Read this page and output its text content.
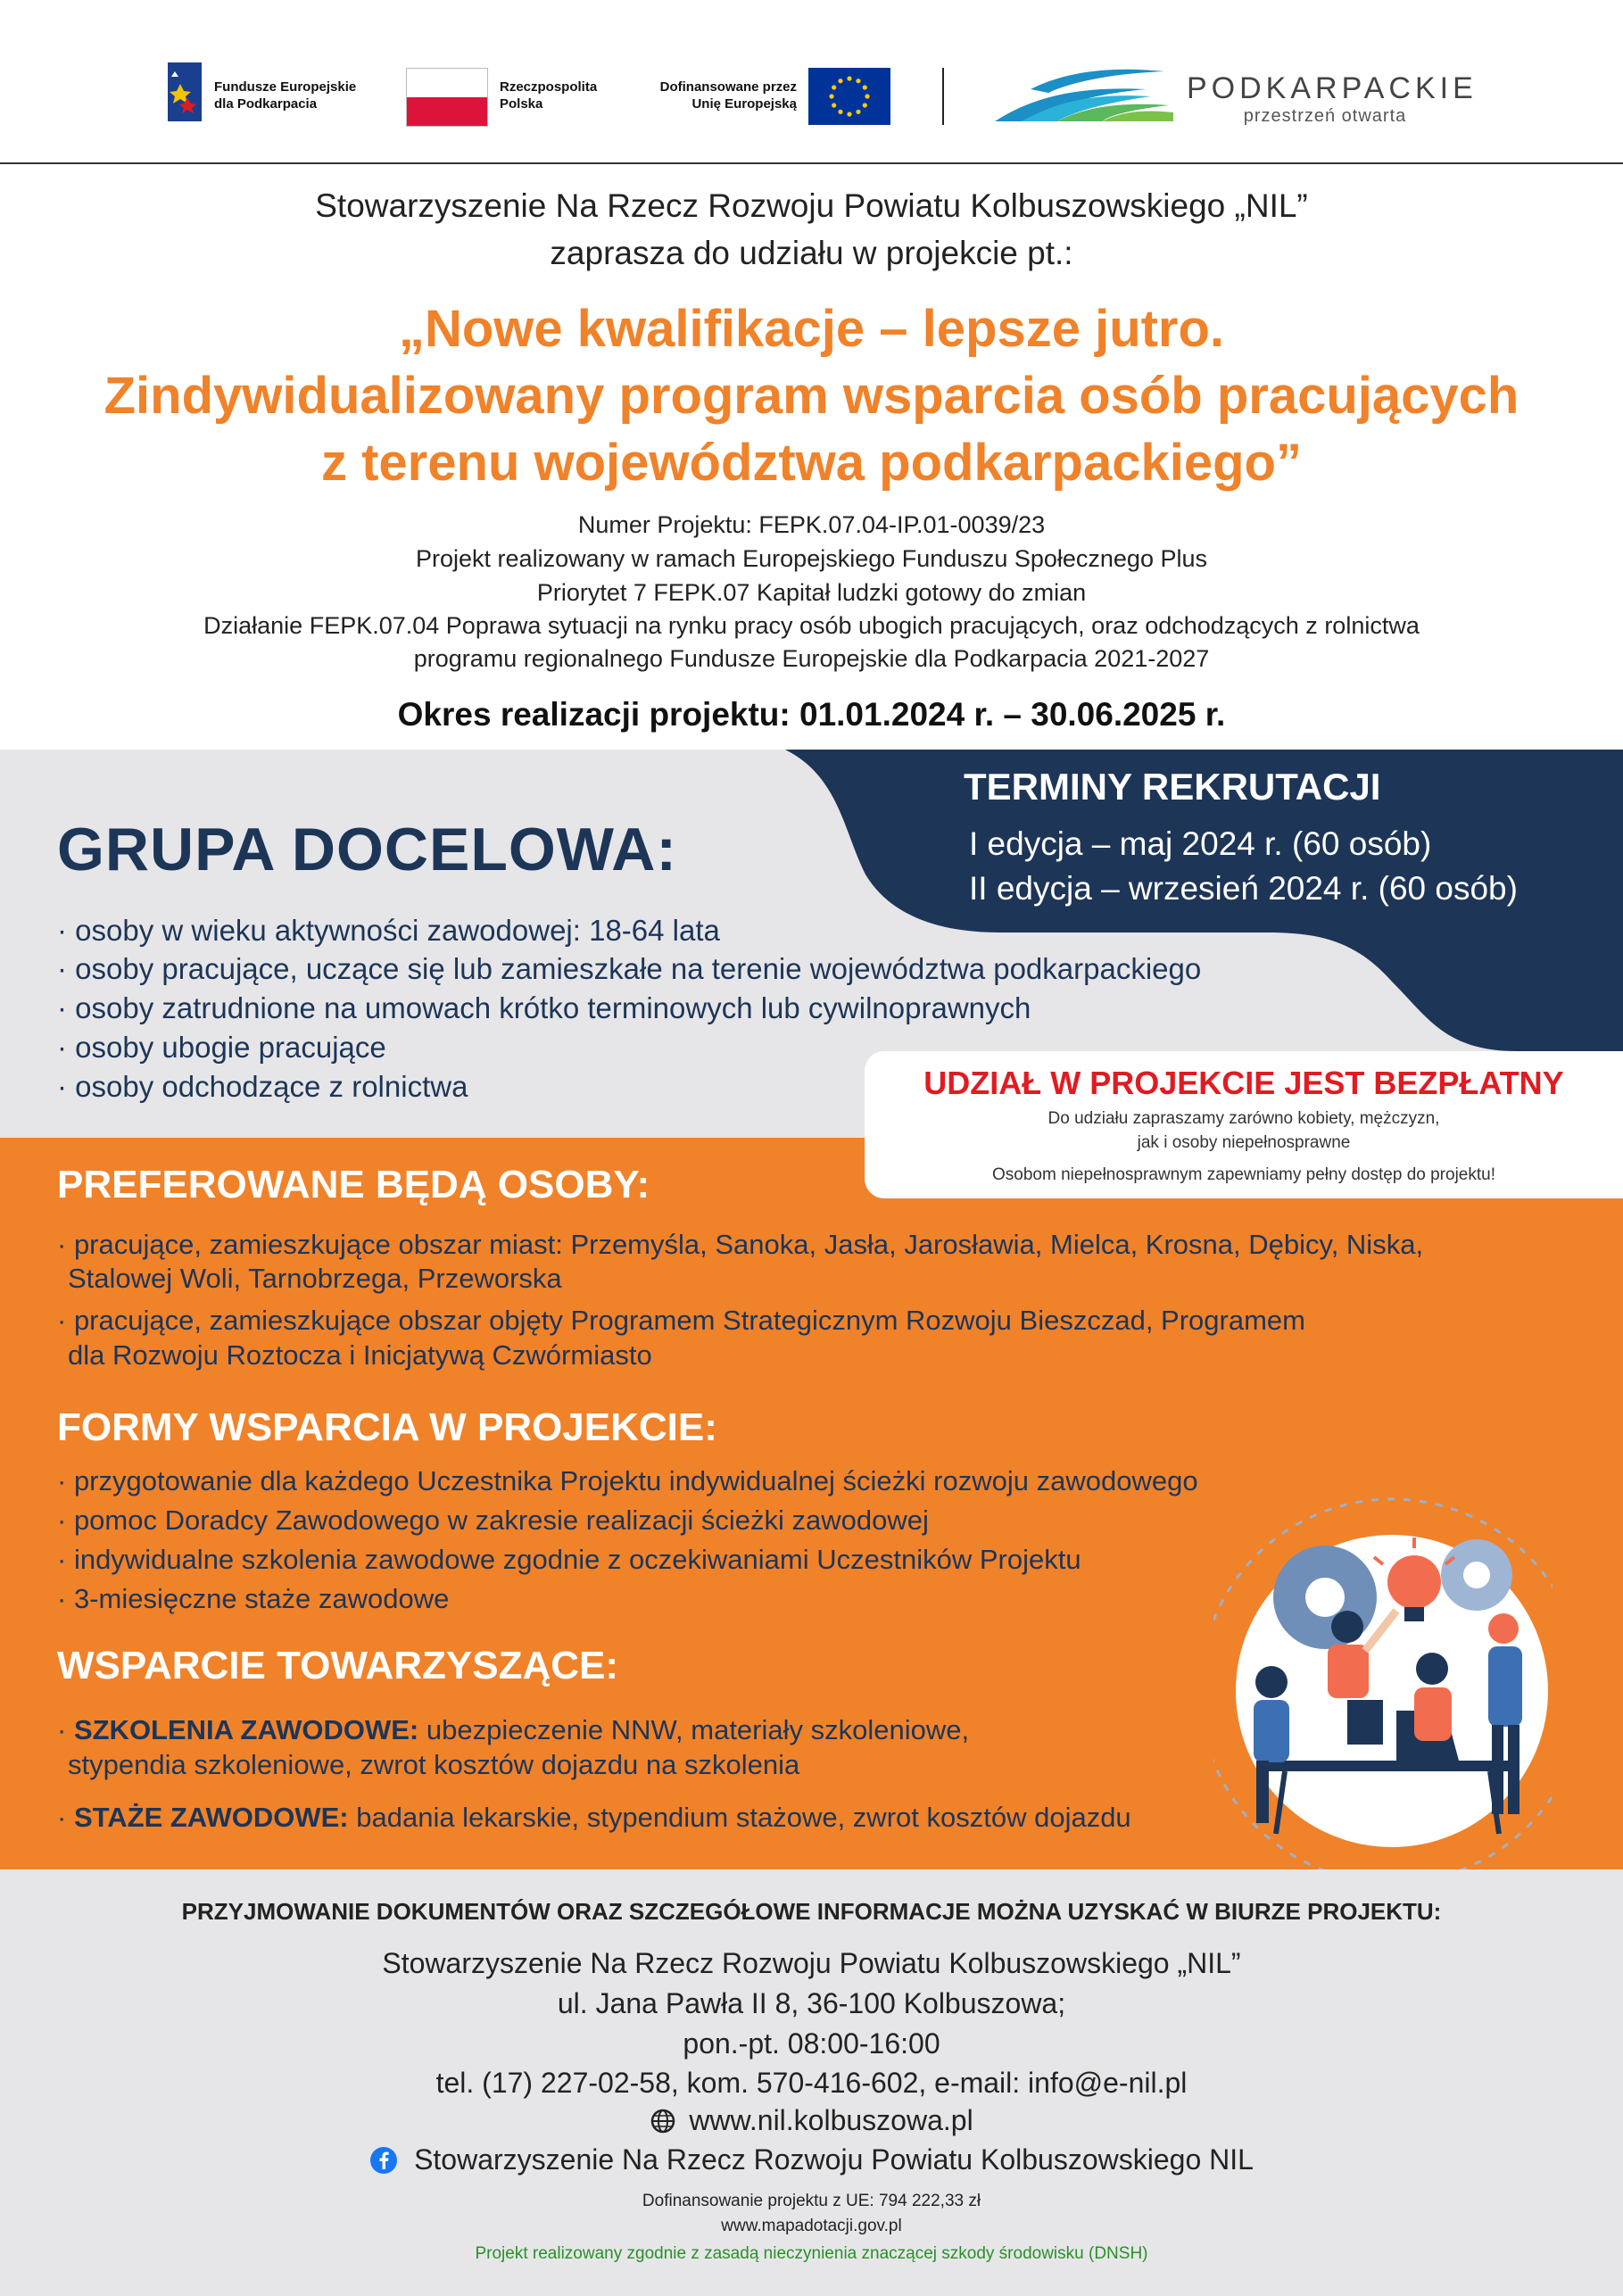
Fundusze Europejskie
dla Podkarpacia
Rzeczpospolita
Polska
Dofinansowane przez
Unię Europejską	PODKARPACKIE
przestrzeń otwarta
Stowarzyszenie Na Rzecz Rozwoju Powiatu Kolbuszowskiego „NIL”
zaprasza do udziału w projekcie pt.:
„Nowe kwalifikacje – lepsze jutro.
Zindywidualizowany program wsparcia osób pracujących
z terenu województwa podkarpackiego”
Numer Projektu: FEPK.07.04-IP.01-0039/23
Projekt realizowany w ramach Europejskiego Funduszu Społecznego Plus
Priorytet 7 FEPK.07 Kapitał ludzki gotowy do zmian
Działanie FEPK.07.04 Poprawa sytuacji na rynku pracy osób ubogich pracujących, oraz odchodzących z rolnictwa
programu regionalnego Fundusze Europejskie dla Podkarpacia 2021-2027
Okres realizacji projektu: 01.01.2024 r. – 30.06.2025 r.
TERMINY REKRUTACJI
I edycja – maj 2024 r. (60 osób)
II edycja – wrzesień 2024 r. (60 osób)
GRUPA DOCELOWA:
· osoby w wieku aktywności zawodowej: 18-64 lata
· osoby pracujące, uczące się lub zamieszkałe na terenie województwa podkarpackiego
· osoby zatrudnione na umowach krótko terminowych lub cywilnoprawnych
· osoby ubogie pracujące
· osoby odchodzące z rolnictwa	UDZIAŁ W PROJEKCIE JEST BEZPŁATNY
Do udziału zapraszamy zarówno kobiety, mężczyzn,
jak i osoby niepełnosprawne
Osobom niepełnosprawnym zapewniamy pełny dostęp do projektu!
PREFEROWANE BĘDĄ OSOBY:
· pracujące, zamieszkujące obszar miast: Przemyśla, Sanoka, Jasła, Jarosławia, Mielca, Krosna, Dębicy, Niska,
Stalowej Woli, Tarnobrzega, Przeworska
· pracujące, zamieszkujące obszar objęty Programem Strategicznym Rozwoju Bieszczad, Programem
dla Rozwoju Roztocza i Inicjatywą Czwórmiasto
FORMY WSPARCIA W PROJEKCIE:
· przygotowanie dla każdego Uczestnika Projektu indywidualnej ścieżki rozwoju zawodowego
· pomoc Doradcy Zawodowego w zakresie realizacji ścieżki zawodowej
· indywidualne szkolenia zawodowe zgodnie z oczekiwaniami Uczestników Projektu
· 3-miesięczne staże zawodowe
WSPARCIE TOWARZYSZĄCE:
· SZKOLENIA ZAWODOWE: ubezpieczenie NNW, materiały szkoleniowe,
stypendia szkoleniowe, zwrot kosztów dojazdu na szkolenia
· STAŻE ZAWODOWE: badania lekarskie, stypendium stażowe, zwrot kosztów dojazdu
PRZYJMOWANIE DOKUMENTÓW ORAZ SZCZEGÓŁOWE INFORMACJE MOŻNA UZYSKAĆ W BIURZE PROJEKTU:
Stowarzyszenie Na Rzecz Rozwoju Powiatu Kolbuszowskiego „NIL”
ul. Jana Pawła II 8, 36-100 Kolbuszowa;
pon.-pt. 08:00-16:00
tel. (17) 227-02-58, kom. 570-416-602, e-mail: info@e-nil.pl
www.nil.kolbuszowa.pl
Stowarzyszenie Na Rzecz Rozwoju Powiatu Kolbuszowskiego NIL
Dofinansowanie projektu z UE: 794 222,33 zł
www.mapadotacji.gov.pl
Projekt realizowany zgodnie z zasadą nieczynienia znaczącej szkody środowisku (DNSH)
